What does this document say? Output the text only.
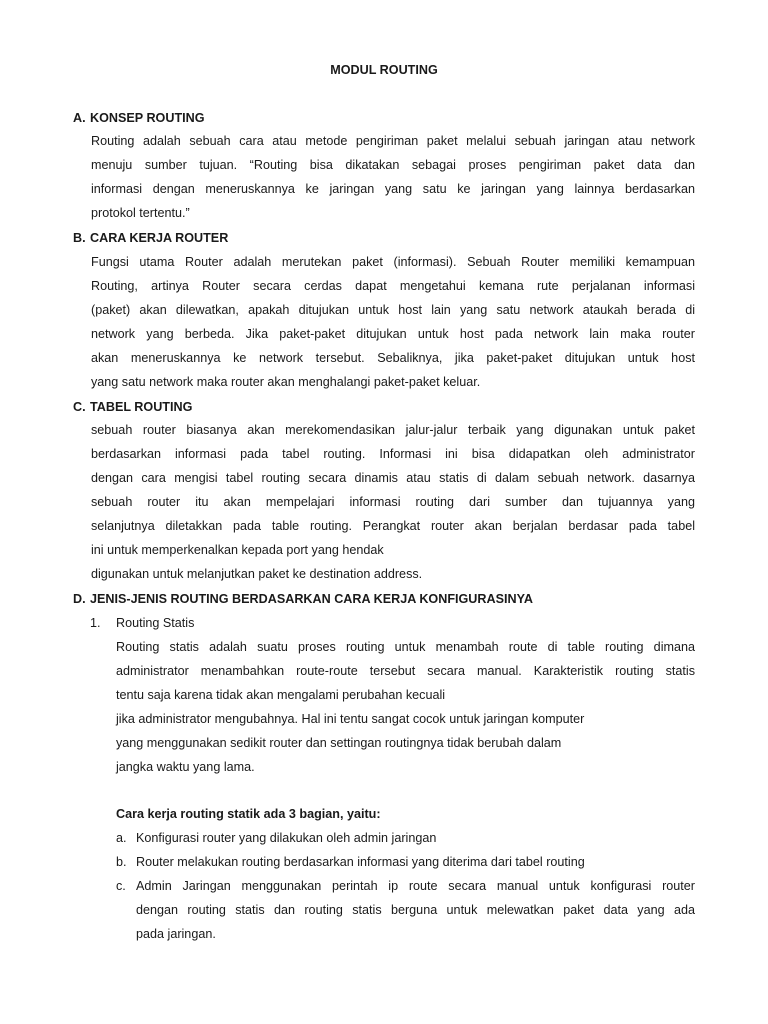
MODUL ROUTING
A. KONSEP ROUTING
Routing adalah sebuah cara atau metode pengiriman paket melalui sebuah jaringan atau network
menuju sumber tujuan. “Routing bisa dikatakan sebagai proses pengiriman paket data dan
informasi dengan meneruskannya ke jaringan yang satu ke jaringan yang lainnya berdasarkan
protokol tertentu.”
B. CARA KERJA ROUTER
Fungsi utama Router adalah merutekan paket (informasi). Sebuah Router memiliki kemampuan
Routing, artinya Router secara cerdas dapat mengetahui kemana rute perjalanan informasi
(paket) akan dilewatkan, apakah ditujukan untuk host lain yang satu network ataukah berada di
network yang berbeda. Jika paket-paket ditujukan untuk host pada network lain maka router
akan meneruskannya ke network tersebut. Sebaliknya, jika paket-paket ditujukan untuk host
yang satu network maka router akan menghalangi paket-paket keluar.
C. TABEL ROUTING
sebuah router biasanya akan merekomendasikan jalur-jalur terbaik yang digunakan untuk paket
berdasarkan informasi pada tabel routing. Informasi ini bisa didapatkan oleh administrator
dengan cara mengisi tabel routing secara dinamis atau statis di dalam sebuah network. dasarnya
sebuah router itu akan mempelajari informasi routing dari sumber dan tujuannya yang
selanjutnya diletakkan pada table routing. Perangkat router akan berjalan berdasar pada tabel
ini untuk memperkenalkan kepada port yang hendak
digunakan untuk melanjutkan paket ke destination address.
D. JENIS-JENIS ROUTING BERDASARKAN CARA KERJA KONFIGURASINYA
1. Routing Statis
Routing statis adalah suatu proses routing untuk menambah route di table routing dimana
administrator menambahkan route-route tersebut secara manual. Karakteristik routing statis
tentu saja karena tidak akan mengalami perubahan kecuali
jika administrator mengubahnya. Hal ini tentu sangat cocok untuk jaringan komputer
yang menggunakan sedikit router dan settingan routingnya tidak berubah dalam
jangka waktu yang lama.
Cara kerja routing statik ada 3 bagian, yaitu:
a. Konfigurasi router yang dilakukan oleh admin jaringan
b. Router melakukan routing berdasarkan informasi yang diterima dari tabel routing
c. Admin Jaringan menggunakan perintah ip route secara manual untuk konfigurasi router
dengan routing statis dan routing statis berguna untuk melewatkan paket data yang ada
pada jaringan.
